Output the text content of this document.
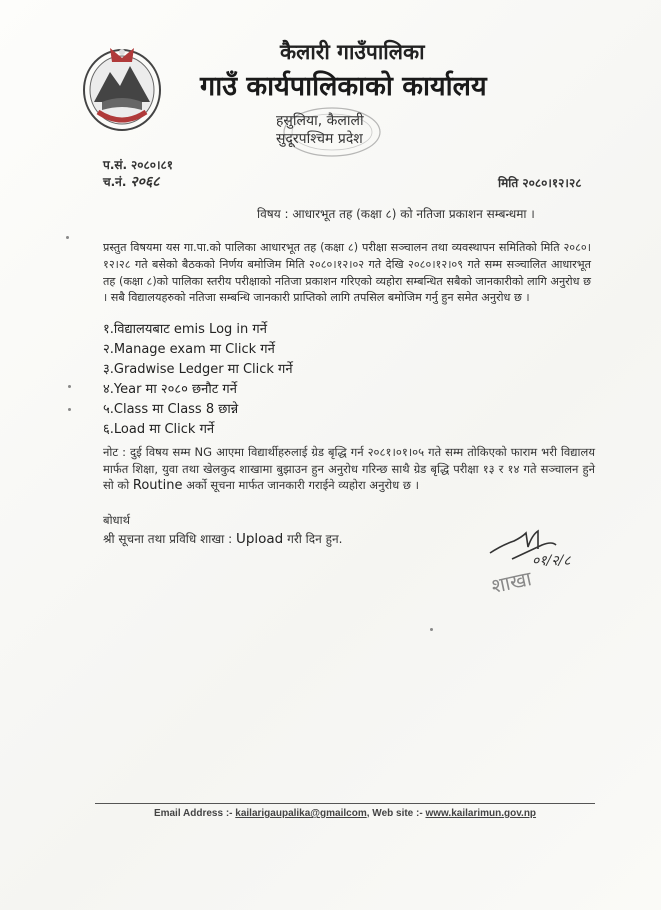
कैलारी गाउँपालिका
गाउँ कार्यपालिकाको कार्यालय
हसुलिया, कैलाली
सुदूरपश्चिम प्रदेश
प.सं. २०८०।८१
च.नं. २०६८	मिति २०८०।१२।२८
विषय : आधारभूत तह (कक्षा ८) को नतिजा प्रकाशन सम्बन्धमा ।
प्रस्तुत विषयमा यस गा.पा.को पालिका आधारभूत तह (कक्षा ८) परीक्षा सञ्चालन तथा व्यवस्थापन समितिको मिति २०८०।१२।२८ गते बसेको बैठकको निर्णय बमोजिम मिति २०८०।१२।०२ गते देखि २०८०।१२।०९ गते सम्म सञ्चालित आधारभूत तह (कक्षा ८)को पालिका स्तरीय परीक्षाको नतिजा प्रकाशन गरिएको व्यहोरा सम्बन्धित सबैको जानकारीको लागि अनुरोध छ । सबै विद्यालयहरुको नतिजा सम्बन्धि जानकारी प्राप्तिको लागि तपसिल बमोजिम गर्नु हुन समेत अनुरोध छ ।
१.विद्यालयबाट emis Log in गर्ने
२.Manage exam मा Click गर्ने
३.Gradwise Ledger मा Click गर्ने
४.Year मा २०८० छनौट गर्ने
५.Class मा Class 8 छान्ने
६.Load मा Click गर्ने
नोट : दुई विषय सम्म NG आएमा विद्यार्थीहरुलाई ग्रेड बृद्धि गर्न २०८१।०१।०५ गते सम्म तोकिएको फाराम भरी विद्यालय मार्फत शिक्षा, युवा तथा खेलकुद शाखामा बुझाउन हुन अनुरोध गरिन्छ साथै ग्रेड बृद्धि परीक्षा १३ र १४ गते सञ्चालन हुने सो को Routine अर्को सूचना मार्फत जानकारी गराईने व्यहोरा अनुरोध छ ।
बोधार्थ
श्री सूचना तथा प्रविधि शाखा : Upload गरी दिन हुन.
शाखा
०१/२/८
Email Address :- kailarigaupalika@gmailcom, Web site :- www.kailarimun.gov.np
